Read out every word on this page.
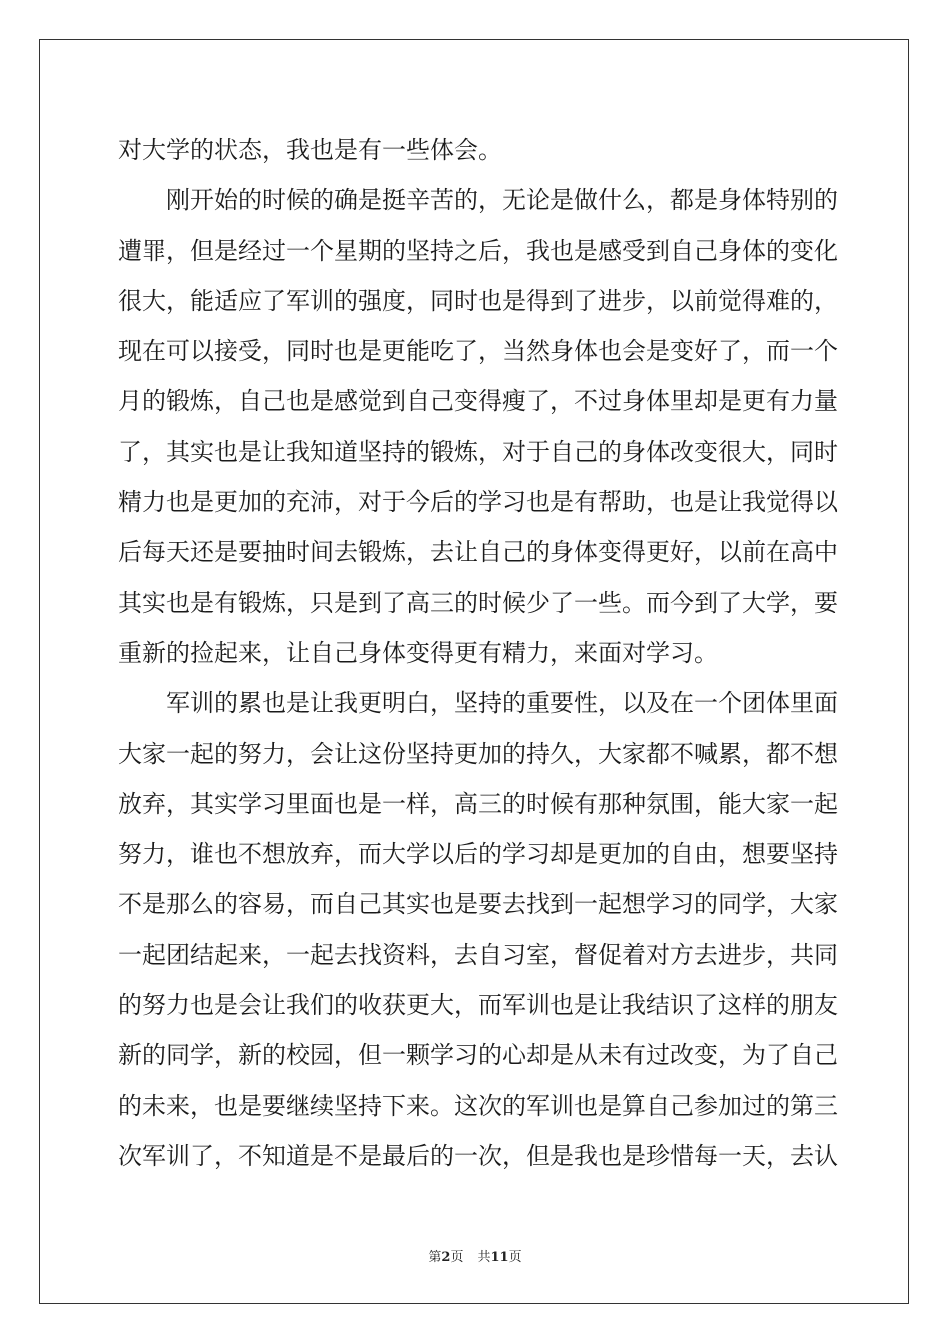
对大学的状态，我也是有一些体会。

刚开始的时候的确是挺辛苦的，无论是做什么，都是身体特别的遭罪，但是经过一个星期的坚持之后，我也是感受到自己身体的变化很大，能适应了军训的强度，同时也是得到了进步，以前觉得难的，现在可以接受，同时也是更能吃了，当然身体也会是变好了，而一个月的锻炼，自己也是感觉到自己变得瘦了，不过身体里却是更有力量了，其实也是让我知道坚持的锻炼，对于自己的身体改变很大，同时精力也是更加的充沛，对于今后的学习也是有帮助，也是让我觉得以后每天还是要抽时间去锻炼，去让自己的身体变得更好，以前在高中其实也是有锻炼，只是到了高三的时候少了一些。而今到了大学，要重新的捡起来，让自己身体变得更有精力，来面对学习。

军训的累也是让我更明白，坚持的重要性，以及在一个团体里面大家一起的努力，会让这份坚持更加的持久，大家都不喊累，都不想放弃，其实学习里面也是一样，高三的时候有那种氛围，能大家一起努力，谁也不想放弃，而大学以后的学习却是更加的自由，想要坚持不是那么的容易，而自己其实也是要去找到一起想学习的同学，大家一起团结起来，一起去找资料，去自习室，督促着对方去进步，共同的努力也是会让我们的收获更大，而军训也是让我结识了这样的朋友新的同学，新的校园，但一颗学习的心却是从未有过改变，为了自己的未来，也是要继续坚持下来。这次的军训也是算自己参加过的第三次军训了，不知道是不是最后的一次，但是我也是珍惜每一天，去认

第2页 共11页
